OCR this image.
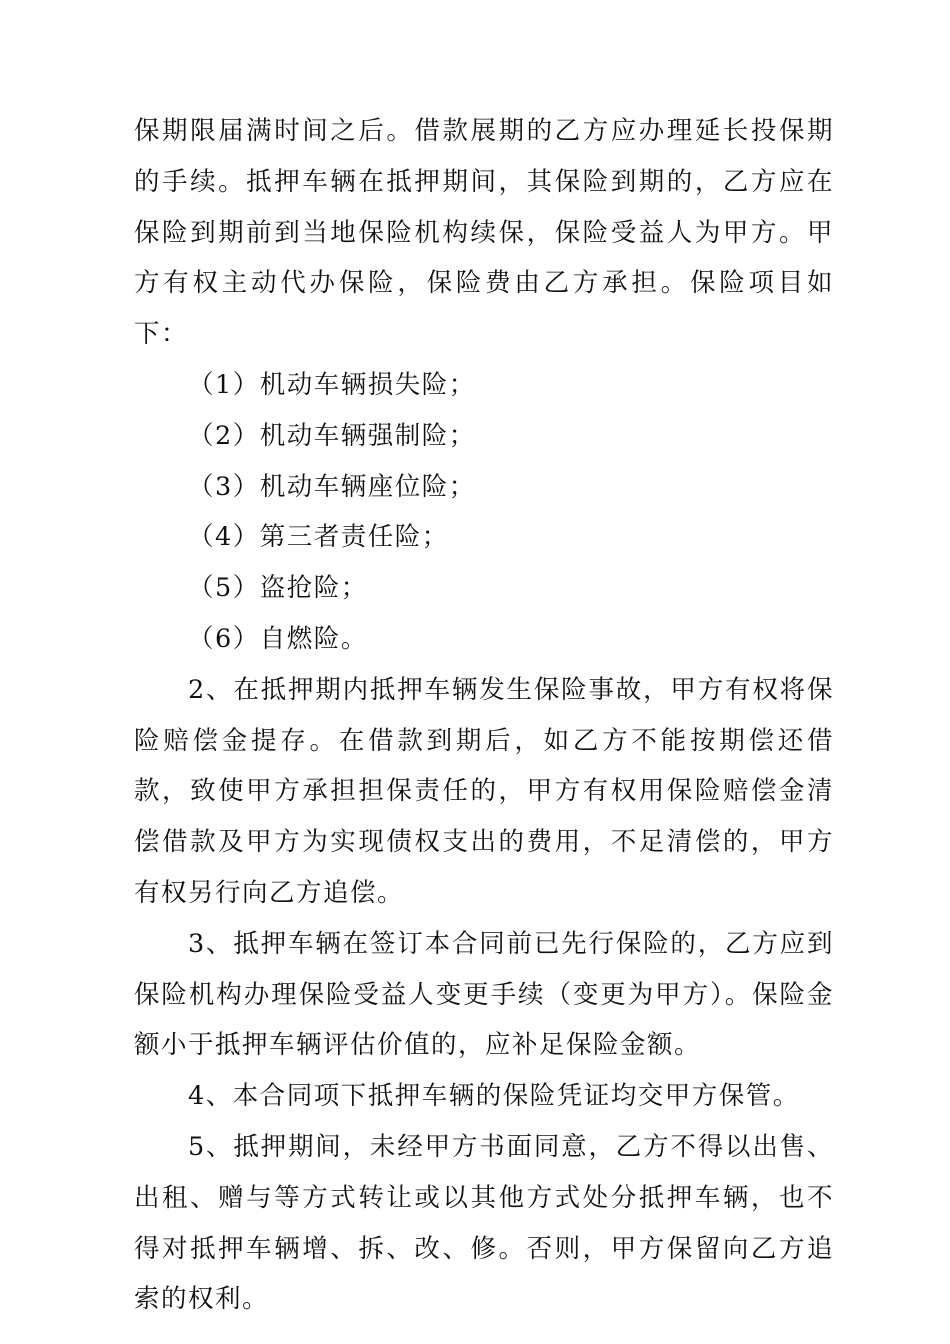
保期限届满时间之后。借款展期的乙方应办理延长投保期的手续。抵押车辆在抵押期间，其保险到期的，乙方应在保险到期前到当地保险机构续保，保险受益人为甲方。甲方有权主动代办保险，保险费由乙方承担。保险项目如下：

（1）机动车辆损失险；

（2）机动车辆强制险；

（3）机动车辆座位险；

（4）第三者责任险；

（5）盗抢险；

（6）自燃险。

2、在抵押期内抵押车辆发生保险事故，甲方有权将保险赔偿金提存。在借款到期后，如乙方不能按期偿还借款，致使甲方承担担保责任的，甲方有权用保险赔偿金清偿借款及甲方为实现债权支出的费用，不足清偿的，甲方有权另行向乙方追偿。

3、抵押车辆在签订本合同前已先行保险的，乙方应到保险机构办理保险受益人变更手续（变更为甲方）。保险金额小于抵押车辆评估价值的，应补足保险金额。

4、本合同项下抵押车辆的保险凭证均交甲方保管。

5、抵押期间，未经甲方书面同意，乙方不得以出售、出租、赠与等方式转让或以其他方式处分抵押车辆，也不得对抵押车辆增、拆、改、修。否则，甲方保留向乙方追索的权利。
